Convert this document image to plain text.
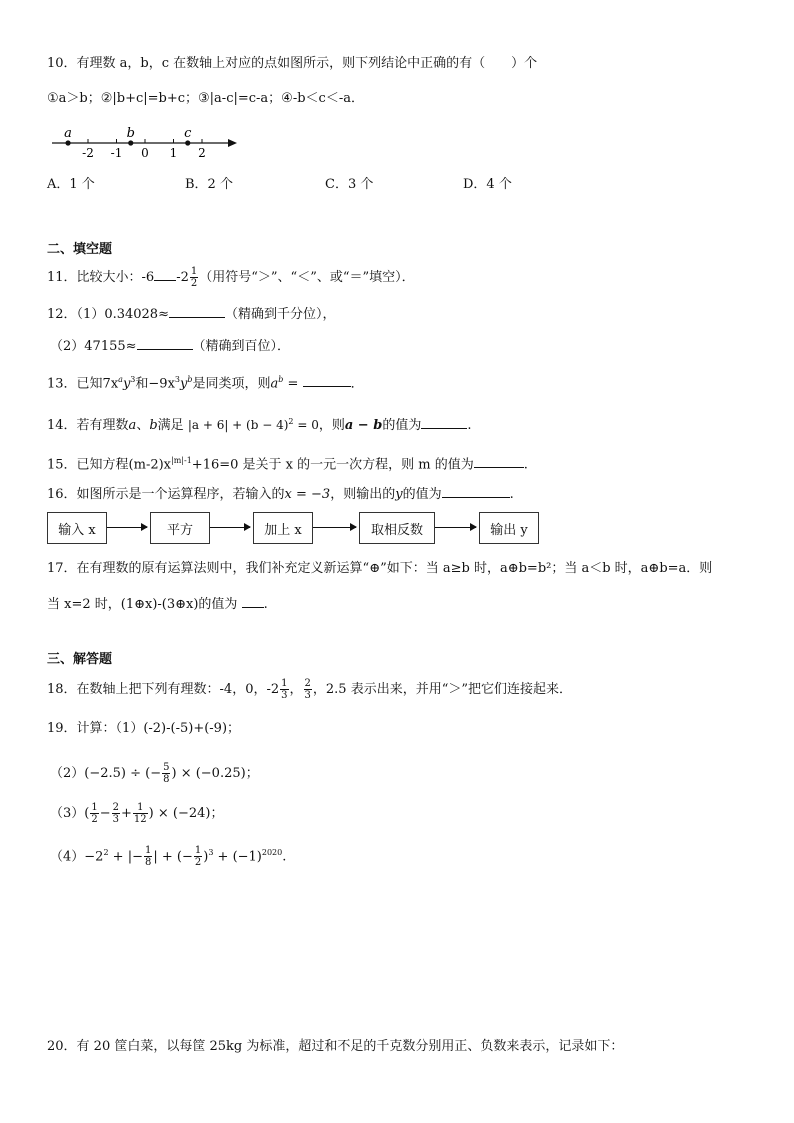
10．有理数 a，b，c 在数轴上对应的点如图所示，则下列结论中正确的有（　　）个
①a＞b；②|b+c|=b+c；③|a-c|=c-a；④-b＜c＜-a．
-2 -1 0 1 2
a	b	c
A．1 个	B．2 个	C．3 个	D．4 个
二、填空题
11．比较大小：-6 $-2 \frac{1}{2}$ （用符号“＞”、“＜”、或“＝”填空）．
12．（1）0.34028≈	（精确到千分位），
（2）47155≈	（精确到百位）．
13．已知$7x^ay^3$和$-9x^3y^b$是同类项，则$a^b$ =	．
14．若有理数a、b满足 $|a + 6| + (b - 4)^2 = 0$，则a − b的值为	.
15．已知方程$(m-2)x^{|m|-1}+16=0$ 是关于 x 的一元一次方程，则 m 的值为	.
16．如图所示是一个运算程序，若输入的x = −3，则输出的y的值为	.
输入 x	平方	加上 x	取相反数	输出 y
17．在有理数的原有运算法则中，我们补充定义新运算“⊕”如下：当 a≥b 时，a⊕b=b²；当 a＜b 时，a⊕b=a．则
当 x=2 时，(1⊕x)-(3⊕x)的值为 .
三、解答题
18．在数轴上把下列有理数：-4，0，$-2 \frac{1}{3}$ ， $\frac{2}{3}$ ，2.5 表示出来，并用“＞”把它们连接起来．
19．计算：（1）(-2)-(-5)+(-9)；
（2）(−2.5) ÷ (− $\frac{5}{8}$ ) × (−0.25)；
$(3)( \frac{1}{2} - \frac{2}{3} + \frac{1}{12}$ ) × (−24)；
$(4)-2^2$ + |− $\frac{1}{8}$ | + (− $\frac{1}{2} )^3 + (-1)^{2020}$.
20．有 20 筐白菜，以每筐 25kg 为标准，超过和不足的千克数分别用正、负数来表示，记录如下：
